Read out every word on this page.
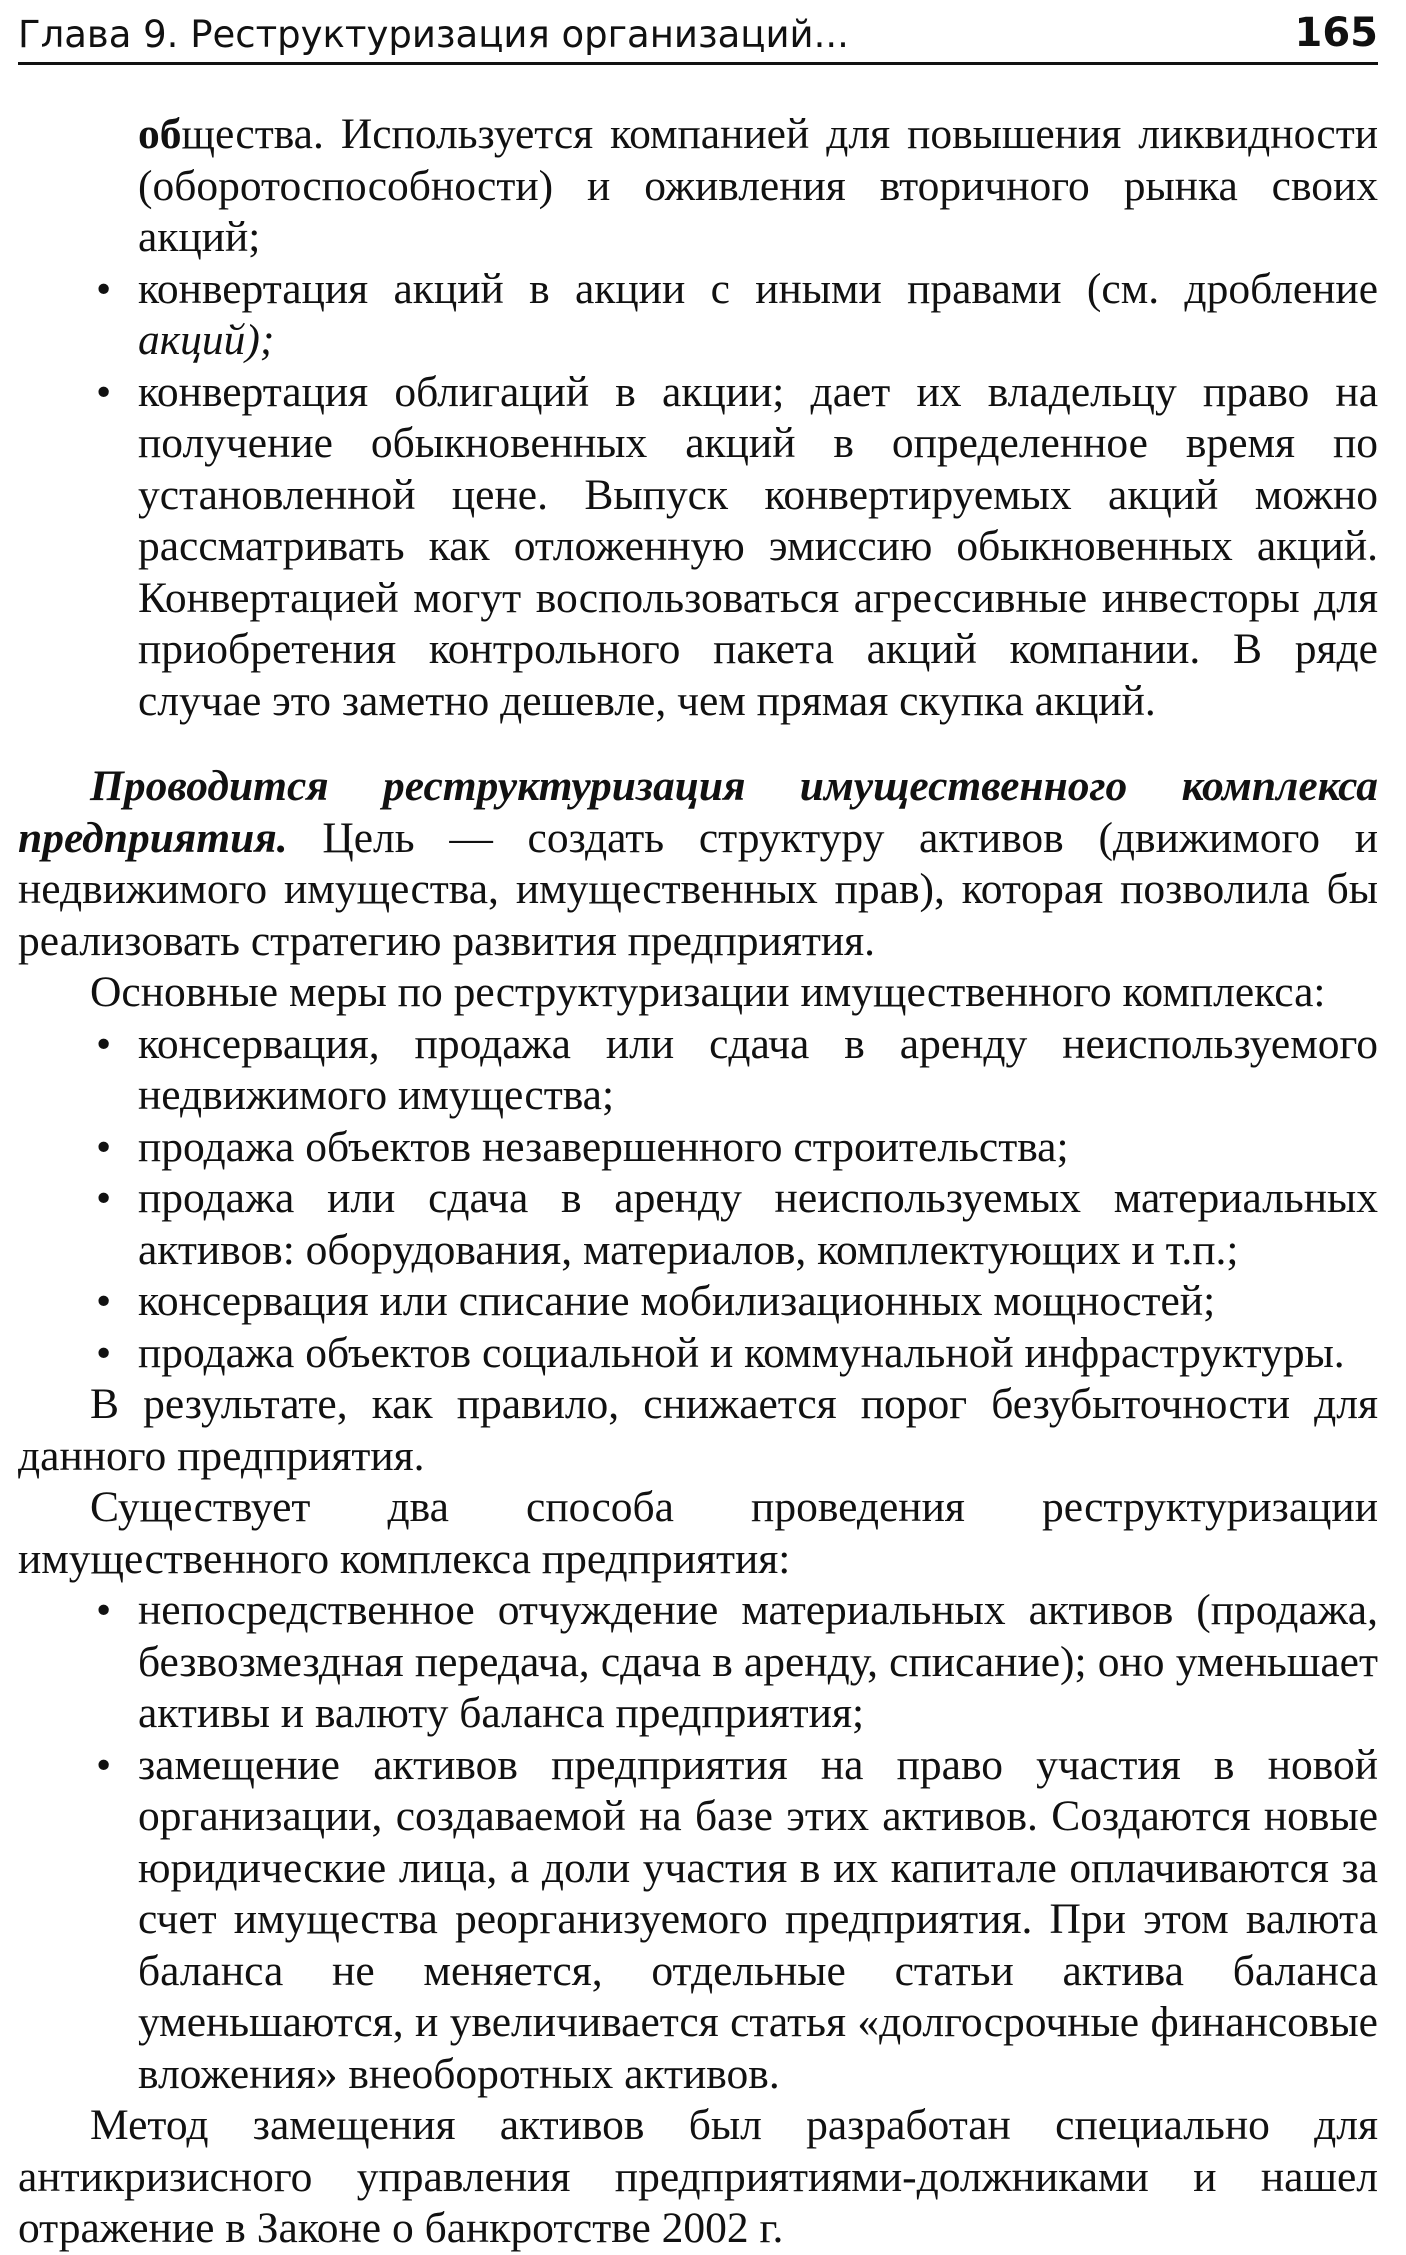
Глава 9. Реструктуризация организаций...	165

общества. Используется компанией для повышения ликвидности (оборотоспособности) и оживления вторичного рынка своих акций;

• конвертация акций в акции с иными правами (см. дробление акций);
• конвертация облигаций в акции; дает их владельцу право на получение обыкновенных акций в определенное время по установленной цене. Выпуск конвертируемых акций можно рассматривать как отложенную эмиссию обыкновенных акций. Конвертацией могут воспользоваться агрессивные инвесторы для приобретения контрольного пакета акций компании. В ряде случае это заметно дешевле, чем прямая скупка акций.

Проводится реструктуризация имущественного комплекса предприятия. Цель — создать структуру активов (движимого и недвижимого имущества, имущественных прав), которая позволила бы реализовать стратегию развития предприятия.

Основные меры по реструктуризации имущественного комплекса:

• консервация, продажа или сдача в аренду неиспользуемого недвижимого имущества;
• продажа объектов незавершенного строительства;
• продажа или сдача в аренду неиспользуемых материальных активов: оборудования, материалов, комплектующих и т.п.;
• консервация или списание мобилизационных мощностей;
• продажа объектов социальной и коммунальной инфраструктуры.

В результате, как правило, снижается порог безубыточности для данного предприятия.

Существует два способа проведения реструктуризации имущественного комплекса предприятия:

• непосредственное отчуждение материальных активов (продажа, безвозмездная передача, сдача в аренду, списание); оно уменьшает активы и валюту баланса предприятия;
• замещение активов предприятия на право участия в новой организации, создаваемой на базе этих активов. Создаются новые юридические лица, а доли участия в их капитале оплачиваются за счет имущества реорганизуемого предприятия. При этом валюта баланса не меняется, отдельные статьи актива баланса уменьшаются, и увеличивается статья «долгосрочные финансовые вложения» внеоборотных активов.

Метод замещения активов был разработан специально для антикризисного управления предприятиями-должниками и нашел отражение в Законе о банкротстве 2002 г.
